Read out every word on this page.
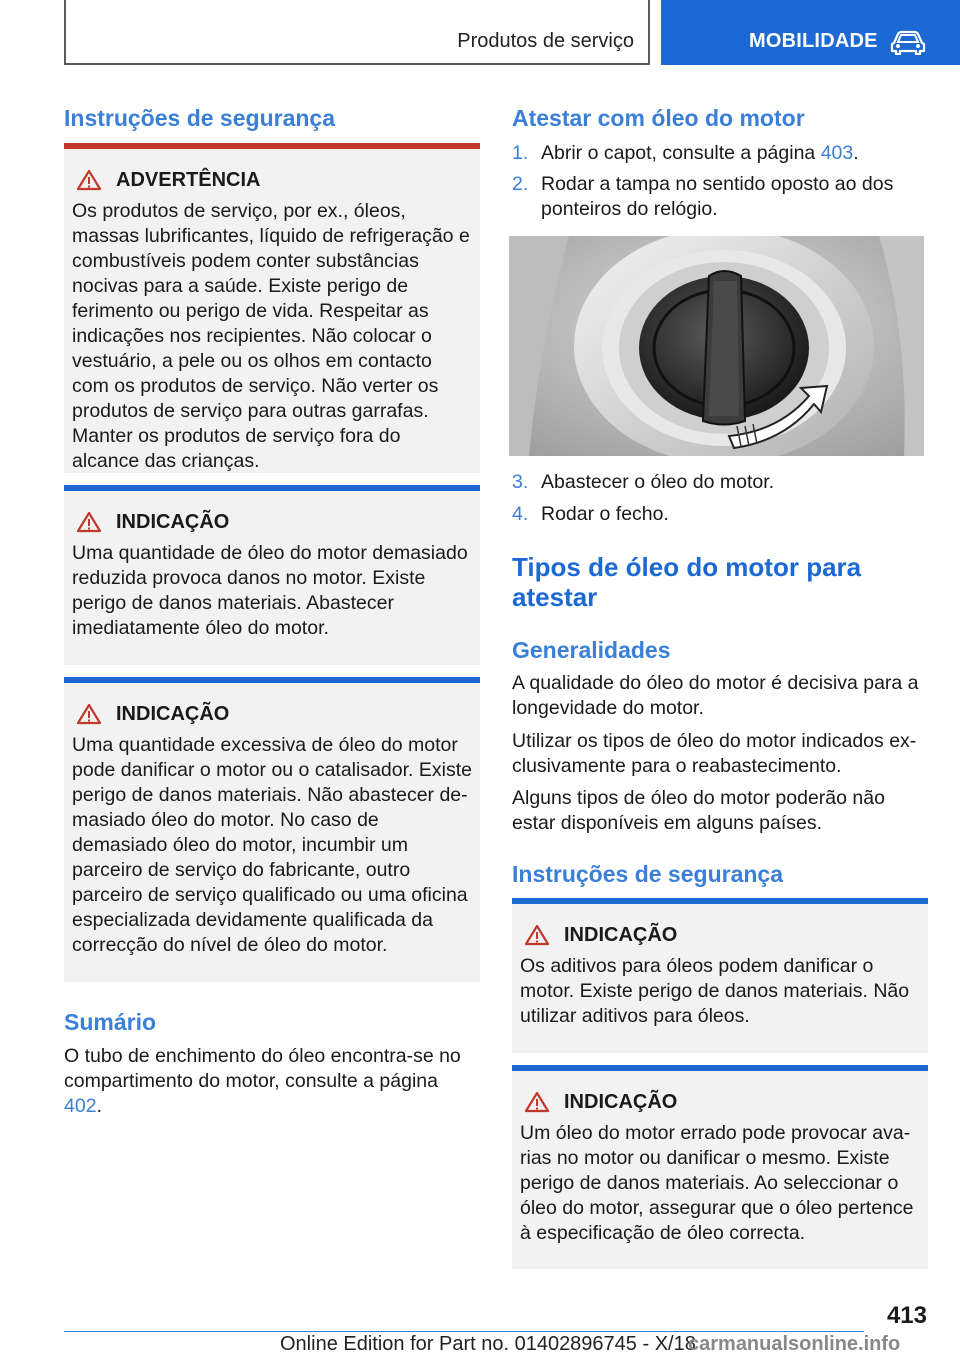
Produtos de serviço	MOBILIDADE
Instruções de segurança
ADVERTÊNCIA
Os produtos de serviço, por ex., óleos, massas lubrificantes, líquido de refrigeração e combustíveis podem conter substâncias nocivas para a saúde. Existe perigo de ferimento ou perigo de vida. Respeitar as indicações nos recipientes. Não colocar o vestuário, a pele ou os olhos em contacto com os produtos de serviço. Não verter os produtos de serviço para outras garrafas. Manter os produtos de serviço fora do alcance das crianças.
INDICAÇÃO
Uma quantidade de óleo do motor demasiado reduzida provoca danos no motor. Existe perigo de danos materiais. Abastecer imediatamente óleo do motor.
INDICAÇÃO
Uma quantidade excessiva de óleo do motor pode danificar o motor ou o catalisador. Existe perigo de danos materiais. Não abastecer demasiado óleo do motor. No caso de demasiado óleo do motor, incumbir um parceiro de serviço do fabricante, outro parceiro de serviço qualificado ou uma oficina especializada devidamente qualificada da correcção do nível de óleo do motor.
Sumário
O tubo de enchimento do óleo encontra-se no compartimento do motor, consulte a página 402.
Atestar com óleo do motor
1. Abrir o capot, consulte a página 403.
2. Rodar a tampa no sentido oposto ao dos ponteiros do relógio.
3. Abastecer o óleo do motor.
4. Rodar o fecho.
Tipos de óleo do motor para atestar
Generalidades
A qualidade do óleo do motor é decisiva para a longevidade do motor.
Utilizar os tipos de óleo do motor indicados exclusivamente para o reabastecimento.
Alguns tipos de óleo do motor poderão não estar disponíveis em alguns países.
Instruções de segurança
INDICAÇÃO
Os aditivos para óleos podem danificar o motor. Existe perigo de danos materiais. Não utilizar aditivos para óleos.
INDICAÇÃO
Um óleo do motor errado pode provocar avarias no motor ou danificar o mesmo. Existe perigo de danos materiais. Ao seleccionar o óleo do motor, assegurar que o óleo pertence à especificação de óleo correcta.
413
Online Edition for Part no. 01402896745 - X/18
carmanualsonline.info
